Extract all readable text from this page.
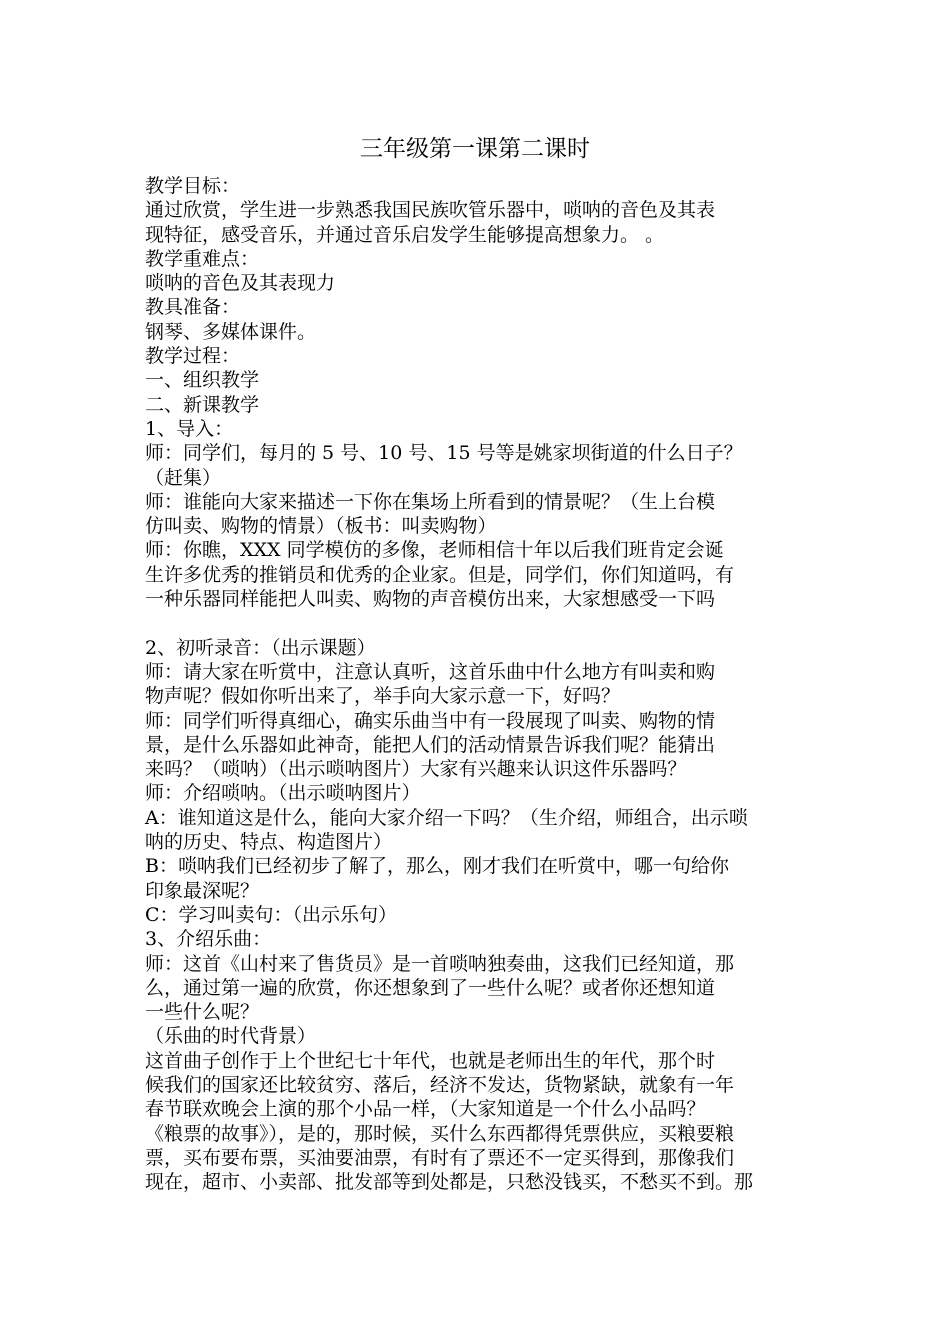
三年级第一课第二课时
教学目标：
通过欣赏，学生进一步熟悉我国民族吹管乐器中，唢呐的音色及其表
现特征，感受音乐，并通过音乐启发学生能够提高想象力。 。
教学重难点：
唢呐的音色及其表现力
教具准备：
钢琴、多媒体课件。
教学过程：
一、组织教学
二、新课教学
1、导入：
师：同学们，每月的 5 号、10 号、15 号等是姚家坝街道的什么日子？
（赶集）
师：谁能向大家来描述一下你在集场上所看到的情景呢？（生上台模
仿叫卖、购物的情景）（板书：叫卖购物）
师：你瞧，XXX 同学模仿的多像，老师相信十年以后我们班肯定会诞
生许多优秀的推销员和优秀的企业家。但是，同学们，你们知道吗，有
一种乐器同样能把人叫卖、购物的声音模仿出来，大家想感受一下吗
2、初听录音：（出示课题）
师：请大家在听赏中，注意认真听，这首乐曲中什么地方有叫卖和购
物声呢？假如你听出来了，举手向大家示意一下，好吗？
师：同学们听得真细心，确实乐曲当中有一段展现了叫卖、购物的情
景，是什么乐器如此神奇，能把人们的活动情景告诉我们呢？能猜出
来吗？（唢呐）（出示唢呐图片）大家有兴趣来认识这件乐器吗？
师：介绍唢呐。（出示唢呐图片）
A：谁知道这是什么，能向大家介绍一下吗？（生介绍，师组合，出示唢
呐的历史、特点、构造图片）
B：唢呐我们已经初步了解了，那么，刚才我们在听赏中，哪一句给你
印象最深呢？
C：学习叫卖句：（出示乐句）
3、介绍乐曲：
师：这首《山村来了售货员》是一首唢呐独奏曲，这我们已经知道，那
么，通过第一遍的欣赏，你还想象到了一些什么呢？或者你还想知道
一些什么呢？
（乐曲的时代背景）
这首曲子创作于上个世纪七十年代，也就是老师出生的年代，那个时
候我们的国家还比较贫穷、落后，经济不发达，货物紧缺，就象有一年
春节联欢晚会上演的那个小品一样，（大家知道是一个什么小品吗？
《粮票的故事》），是的，那时候，买什么东西都得凭票供应，买粮要粮
票，买布要布票，买油要油票，有时有了票还不一定买得到，那像我们
现在，超市、小卖部、批发部等到处都是，只愁没钱买，不愁买不到。那
